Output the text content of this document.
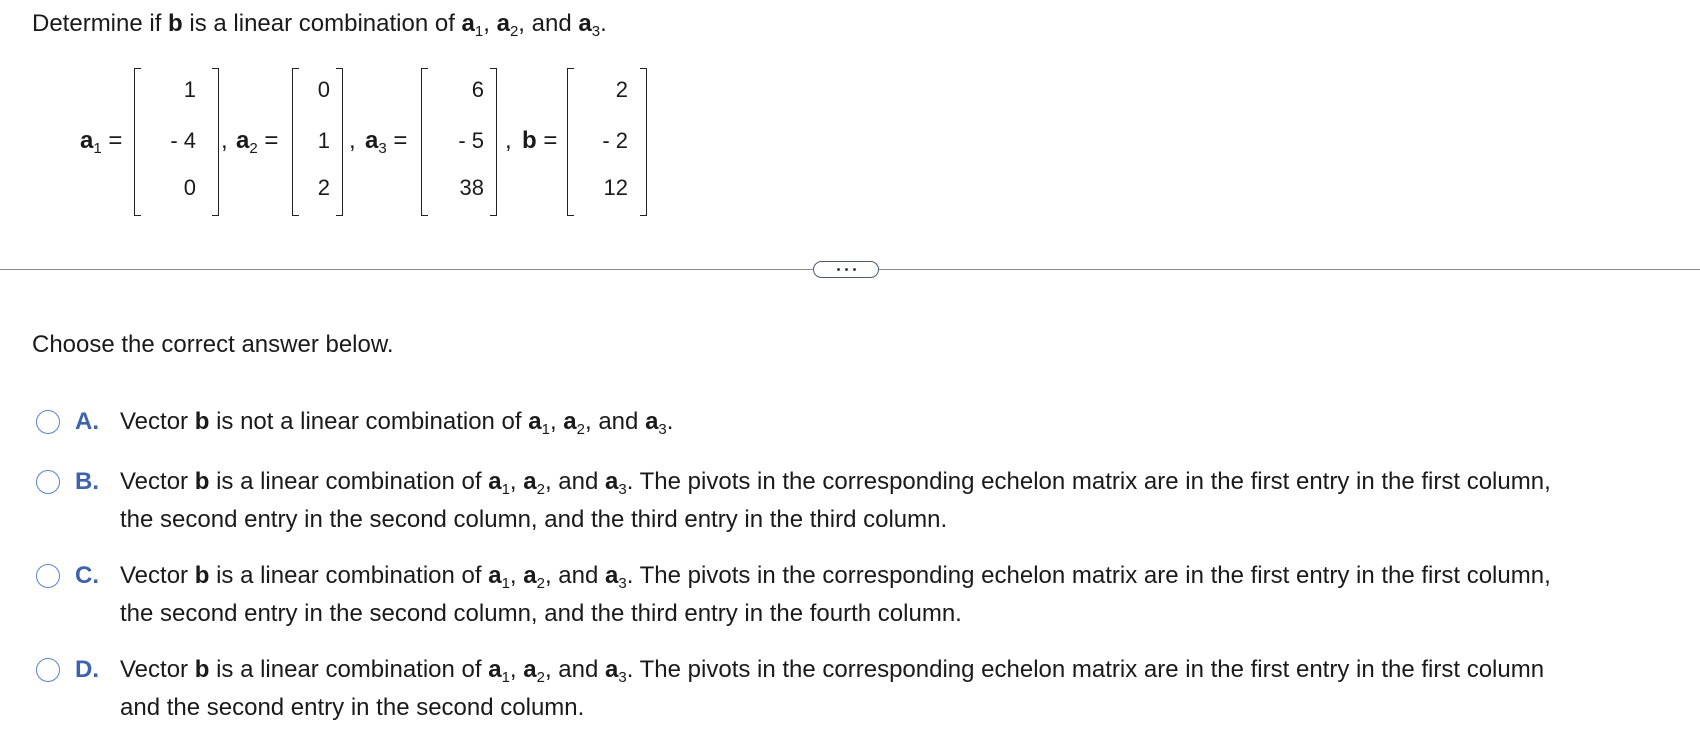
Determine if b is a linear combination of $a_1$, $a_2$, and $a_3$.
$a_1$ =
1
- 4
0
, $a_2$ =
0
1
2
, $a_3$ =
6
- 5
38
, b =
2
- 2
12
Choose the correct answer below.
A. Vector b is not a linear combination of $a_1$, $a_2$, and $a_3$.
B. Vector b is a linear combination of $a_1$, $a_2$, and $a_3$. The pivots in the corresponding echelon matrix are in the first entry in the first column,
the second entry in the second column, and the third entry in the third column.
C. Vector b is a linear combination of $a_1$, $a_2$, and $a_3$. The pivots in the corresponding echelon matrix are in the first entry in the first column,
the second entry in the second column, and the third entry in the fourth column.
D. Vector b is a linear combination of $a_1$, $a_2$, and $a_3$. The pivots in the corresponding echelon matrix are in the first entry in the first column
and the second entry in the second column.
